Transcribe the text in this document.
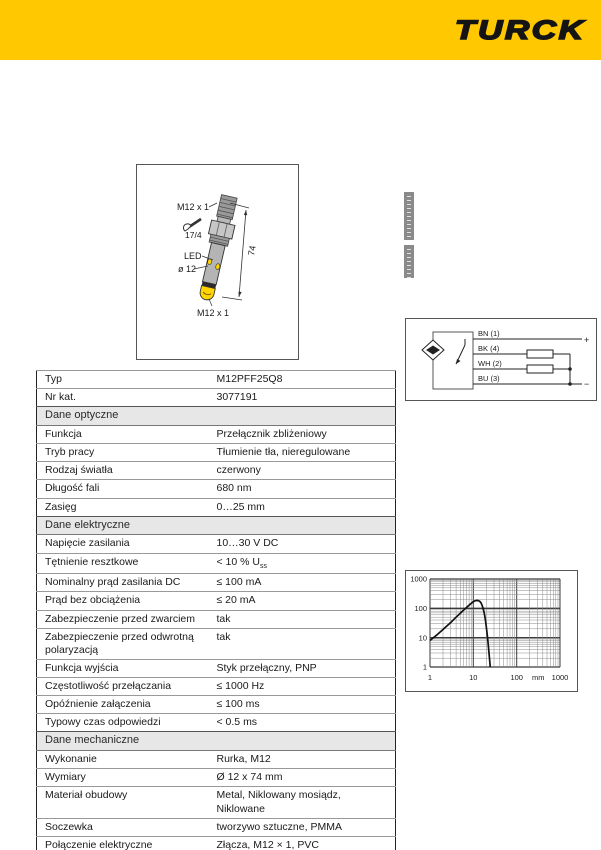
TURCK
M12 x 1
17/4
LED
ø 12
74
M12 x 1
BN (1)
BK (4)
WH (2)
BU (3)
+
−
1000
100
10
1
1	10	100	1000
mm
Typ	M12PFF25Q8
Nr kat.	3077191
Dane optyczne	
Funkcja	Przełącznik zbliżeniowy
Tryb pracy	Tłumienie tła, nieregulowane
Rodzaj światła	czerwony
Długość fali	680 nm
Zasięg	0…25 mm
Dane elektryczne	
Napięcie zasilania	10…30 V DC
Tętnienie resztkowe	< 10 % $U_{ss}$
Nominalny prąd zasilania DC	≤ 100 mA
Prąd bez obciążenia	≤ 20 mA
Zabezpieczenie przed zwarciem	tak
Zabezpieczenie przed odwrotną polaryzacją	tak
Funkcja wyjścia	Styk przełączny, PNP
Częstotliwość przełączania	≤ 1000 Hz
Opóźnienie załączenia	≤ 100 ms
Typowy czas odpowiedzi	< 0.5 ms
Dane mechaniczne	
Wykonanie	Rurka, M12
Wymiary	Ø 12 x 74 mm
Materiał obudowy	Metal, Niklowany mosiądz, Niklowane
Soczewka	tworzywo sztuczne, PMMA
Połączenie elektryczne	Złącza, M12 × 1, PVC
